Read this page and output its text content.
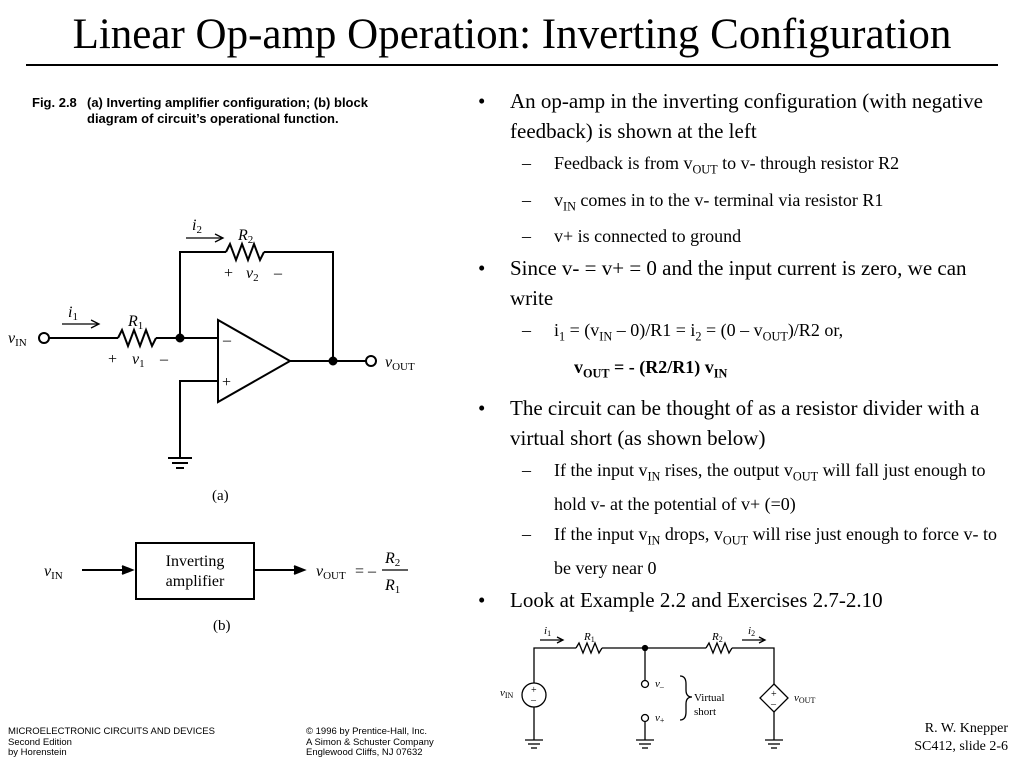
Linear Op-amp Operation: Inverting Configuration
Fig. 2.8 (a) Inverting amplifier configuration; (b) block diagram of circuit’s operational function.
vIN
i1	R1
+ v1 –
i2 R2
+ v2 –
–
+
vOUT
(a)
Inverting
amplifier
vIN	vOUT = –
R2
R1
(b)	i1	R1	R2
i2
vIN	vOUT
v–
v+
+
–
+
–
Virtual
short
• An op-amp in the inverting configuration (with negative feedback) is shown at the left
– Feedback is from $v_{OUT}$ to v- through resistor R2
– $v_{IN}$ comes in to the v- terminal via resistor R1
– v+ is connected to ground
• Since v- = v+ = 0 and the input current is zero, we can write
– $i_1 = (v_{IN} - 0)/R1 = i_2 = (0 - v_{OUT})/R2$ or,
$v_{OUT}$ = - (R2/R1) $v_{IN}$
• The circuit can be thought of as a resistor divider with a virtual short (as shown below)
– If the input $v_{IN}$ rises, the output $v_{OUT}$ will fall just enough to hold v- at the potential of v+ (=0)
– If the input $v_{IN}$ drops, $v_{OUT}$ will rise just enough to force v- to be very near 0
• Look at Example 2.2 and Exercises 2.7-2.10
MICROELECTRONIC CIRCUITS AND DEVICES
Second Edition
by Horenstein
© 1996 by Prentice-Hall, Inc.
A Simon & Schuster Company
Englewood Cliffs, NJ 07632
R. W. Knepper
SC412, slide 2-6
